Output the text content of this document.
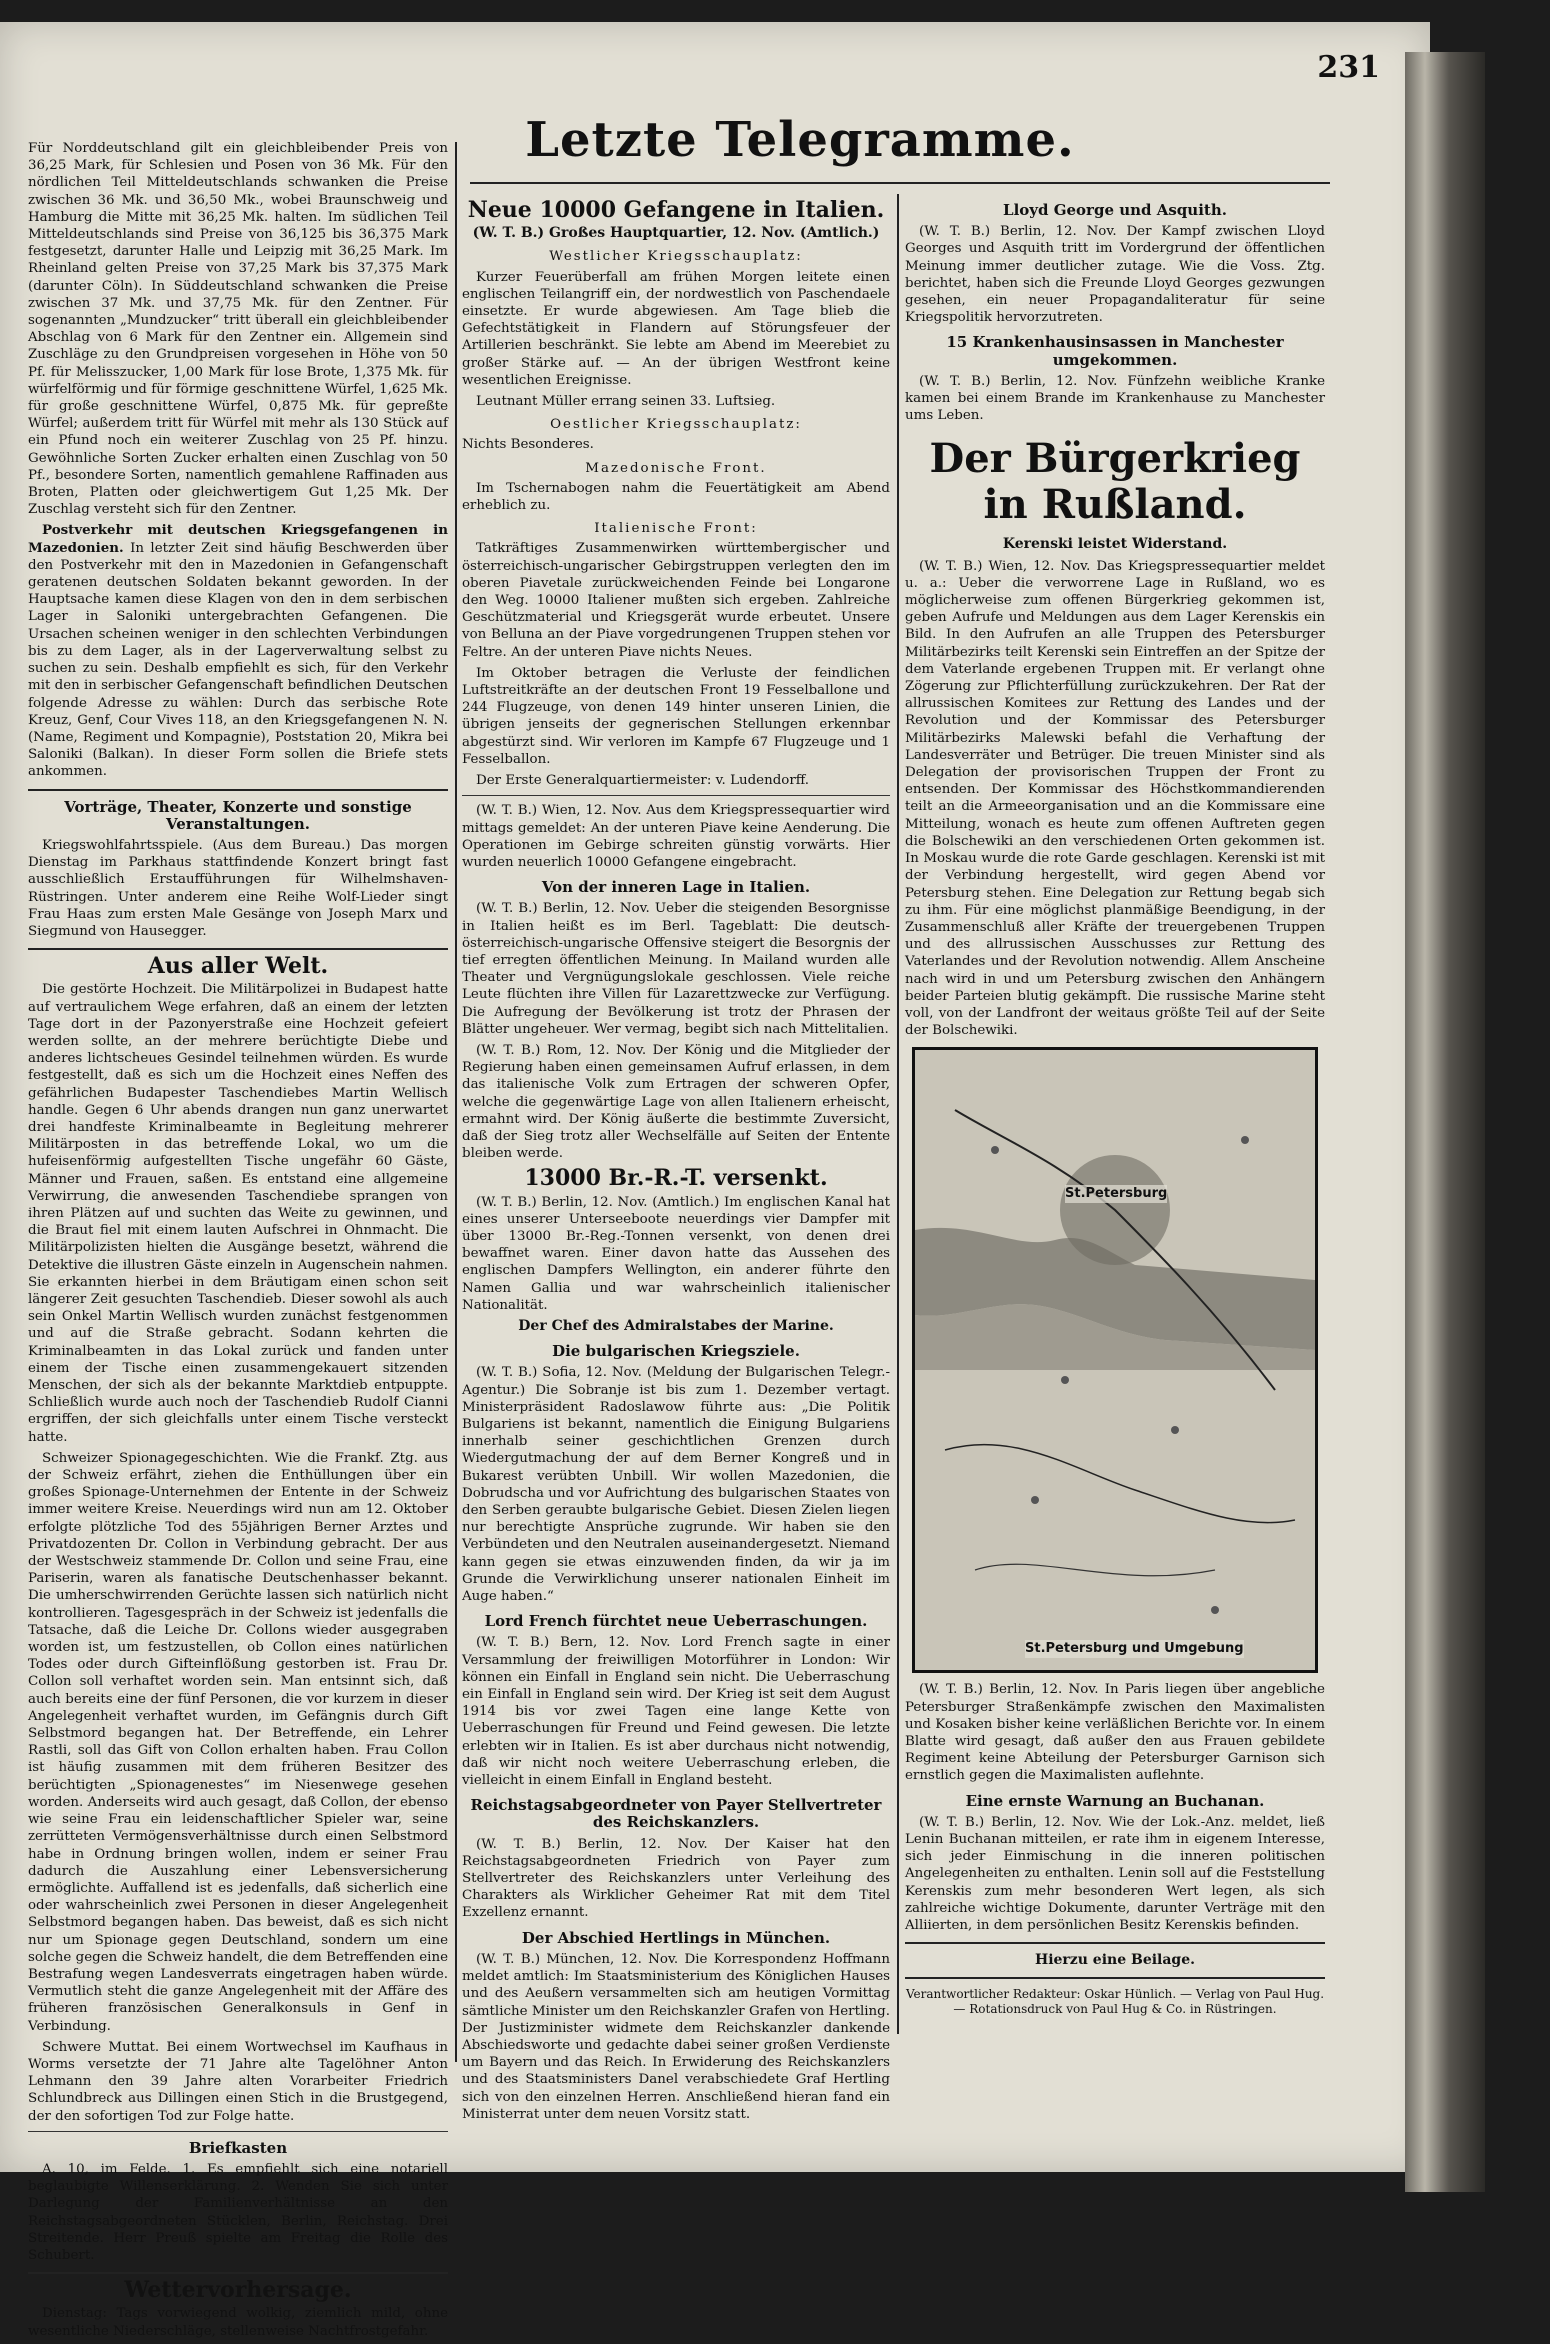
231
Letzte Telegramme.

Für Norddeutschland gilt ein gleichbleibender Preis von 36,25 Mark, für Schlesien und Posen von 36 Mk. Für den nördlichen Teil Mitteldeutschlands schwanken die Preise zwischen 36 Mk. und 36,50 Mk., wobei Braunschweig und Hamburg die Mitte mit 36,25 Mk. halten. Im südlichen Teil Mitteldeutschlands sind Preise von 36,125 bis 36,375 Mark festgesetzt, darunter Halle und Leipzig mit 36,25 Mark. Im Rheinland gelten Preise von 37,25 Mark bis 37,375 Mark (darunter Cöln). In Süddeutschland schwanken die Preise zwischen 37 Mk. und 37,75 Mk. für den Zentner. Für sogenannten „Mundzucker“ tritt überall ein gleichbleibender Abschlag von 6 Mark für den Zentner ein. Allgemein sind Zuschläge zu den Grundpreisen vorgesehen in Höhe von 50 Pf. für Melisszucker, 1,00 Mark für lose Brote, 1,375 Mk. für würfelförmig und für förmige geschnittene Würfel, 1,625 Mk. für große geschnittene Würfel, 0,875 Mk. für gepreßte Würfel; außerdem tritt für Würfel mit mehr als 130 Stück auf ein Pfund noch ein weiterer Zuschlag von 25 Pf. hinzu. Gewöhnliche Sorten Zucker erhalten einen Zuschlag von 50 Pf., besondere Sorten, namentlich gemahlene Raffinaden aus Broten, Platten oder gleichwertigem Gut 1,25 Mk. Der Zuschlag versteht sich für den Zentner.

Postverkehr mit deutschen Kriegsgefangenen in Mazedonien. In letzter Zeit sind häufig Beschwerden über den Postverkehr mit den in Mazedonien in Gefangenschaft geratenen deutschen Soldaten bekannt geworden. In der Hauptsache kamen diese Klagen von den in dem serbischen Lager in Saloniki untergebrachten Gefangenen. Die Ursachen scheinen weniger in den schlechten Verbindungen bis zu dem Lager, als in der Lagerverwaltung selbst zu suchen zu sein. Deshalb empfiehlt es sich, für den Verkehr mit den in serbischer Gefangenschaft befindlichen Deutschen folgende Adresse zu wählen: Durch das serbische Rote Kreuz, Genf, Cour Vives 118, an den Kriegsgefangenen N. N. (Name, Regiment und Kompagnie), Poststation 20, Mikra bei Saloniki (Balkan). In dieser Form sollen die Briefe stets ankommen.

Vorträge, Theater, Konzerte und sonstige Veranstaltungen.

Kriegswohlfahrtsspiele. (Aus dem Bureau.) Das morgen Dienstag im Parkhaus stattfindende Konzert bringt fast ausschließlich Erstaufführungen für Wilhelmshaven-Rüstringen. Unter anderem eine Reihe Wolf-Lieder singt Frau Haas zum ersten Male Gesänge von Joseph Marx und Siegmund von Hausegger.

Aus aller Welt.

Die gestörte Hochzeit. Die Militärpolizei in Budapest hatte auf vertraulichem Wege erfahren, daß an einem der letzten Tage dort in der Pazonyerstraße eine Hochzeit gefeiert werden sollte, an der mehrere berüchtigte Diebe und anderes lichtscheues Gesindel teilnehmen würden. Es wurde festgestellt, daß es sich um die Hochzeit eines Neffen des gefährlichen Budapester Taschendiebes Martin Wellisch handle. Gegen 6 Uhr abends drangen nun ganz unerwartet drei handfeste Kriminalbeamte in Begleitung mehrerer Militärposten in das betreffende Lokal, wo um die hufeisenförmig aufgestellten Tische ungefähr 60 Gäste, Männer und Frauen, saßen. Es entstand eine allgemeine Verwirrung, die anwesenden Taschendiebe sprangen von ihren Plätzen auf und suchten das Weite zu gewinnen, und die Braut fiel mit einem lauten Aufschrei in Ohnmacht. Die Militärpolizisten hielten die Ausgänge besetzt, während die Detektive die illustren Gäste einzeln in Augenschein nahmen. Sie erkannten hierbei in dem Bräutigam einen schon seit längerer Zeit gesuchten Taschendieb. Dieser sowohl als auch sein Onkel Martin Wellisch wurden zunächst festgenommen und auf die Straße gebracht. Sodann kehrten die Kriminalbeamten in das Lokal zurück und fanden unter einem der Tische einen zusammengekauert sitzenden Menschen, der sich als der bekannte Marktdieb entpuppte. Schließlich wurde auch noch der Taschendieb Rudolf Cianni ergriffen, der sich gleichfalls unter einem Tische versteckt hatte.

Schweizer Spionagegeschichten. Wie die Frankf. Ztg. aus der Schweiz erfährt, ziehen die Enthüllungen über ein großes Spionage-Unternehmen der Entente in der Schweiz immer weitere Kreise. Neuerdings wird nun am 12. Oktober erfolgte plötzliche Tod des 55jährigen Berner Arztes und Privatdozenten Dr. Collon in Verbindung gebracht. Der aus der Westschweiz stammende Dr. Collon und seine Frau, eine Pariserin, waren als fanatische Deutschenhasser bekannt. Die umherschwirrenden Gerüchte lassen sich natürlich nicht kontrollieren. Tagesgespräch in der Schweiz ist jedenfalls die Tatsache, daß die Leiche Dr. Collons wieder ausgegraben worden ist, um festzustellen, ob Collon eines natürlichen Todes oder durch Gifteinflößung gestorben ist. Frau Dr. Collon soll verhaftet worden sein. Man entsinnt sich, daß auch bereits eine der fünf Personen, die vor kurzem in dieser Angelegenheit verhaftet wurden, im Gefängnis durch Gift Selbstmord begangen hat. Der Betreffende, ein Lehrer Rastli, soll das Gift von Collon erhalten haben. Frau Collon ist häufig zusammen mit dem früheren Besitzer des berüchtigten „Spionagenestes“ im Niesenwege gesehen worden. Anderseits wird auch gesagt, daß Collon, der ebenso wie seine Frau ein leidenschaftlicher Spieler war, seine zerrütteten Vermögensverhältnisse durch einen Selbstmord habe in Ordnung bringen wollen, indem er seiner Frau dadurch die Auszahlung einer Lebensversicherung ermöglichte. Auffallend ist es jedenfalls, daß sicherlich eine oder wahrscheinlich zwei Personen in dieser Angelegenheit Selbstmord begangen haben. Das beweist, daß es sich nicht nur um Spionage gegen Deutschland, sondern um eine solche gegen die Schweiz handelt, die dem Betreffenden eine Bestrafung wegen Landesverrats eingetragen haben würde. Vermutlich steht die ganze Angelegenheit mit der Affäre des früheren französischen Generalkonsuls in Genf in Verbindung.

Schwere Muttat. Bei einem Wortwechsel im Kaufhaus in Worms versetzte der 71 Jahre alte Tagelöhner Anton Lehmann den 39 Jahre alten Vorarbeiter Friedrich Schlundbreck aus Dillingen einen Stich in die Brustgegend, der den sofortigen Tod zur Folge hatte.

Briefkasten

A. 10, im Felde. 1. Es empfiehlt sich eine notariell beglaubigte Willenserklärung. 2. Wenden Sie sich unter Darlegung der Familienverhältnisse an den Reichstagsabgeordneten Stücklen, Berlin, Reichstag. Drei Streitende. Herr Preuß spielte am Freitag die Rolle des Schubert.

Wettervorhersage.

Dienstag: Tags vorwiegend wolkig, ziemlich mild, ohne wesentliche Niederschläge, stellenweise Nachtfrostgefahr.

Neue 10000 Gefangene in Italien.
(W. T. B.) Großes Hauptquartier, 12. Nov. (Amtlich.)
Westlicher Kriegsschauplatz:

Kurzer Feuerüberfall am frühen Morgen leitete einen englischen Teilangriff ein, der nordwestlich von Paschendaele einsetzte. Er wurde abgewiesen. Am Tage blieb die Gefechtstätigkeit in Flandern auf Störungsfeuer der Artillerien beschränkt. Sie lebte am Abend im Meerebiet zu großer Stärke auf. — An der übrigen Westfront keine wesentlichen Ereignisse.

Leutnant Müller errang seinen 33. Luftsieg.

Oestlicher Kriegsschauplatz:

Nichts Besonderes.

Mazedonische Front.

Im Tschernabogen nahm die Feuertätigkeit am Abend erheblich zu.

Italienische Front:

Tatkräftiges Zusammenwirken württembergischer und österreichisch-ungarischer Gebirgstruppen verlegten den im oberen Piavetale zurückweichenden Feinde bei Longarone den Weg. 10000 Italiener mußten sich ergeben. Zahlreiche Geschützmaterial und Kriegsgerät wurde erbeutet. Unsere von Belluna an der Piave vorgedrungenen Truppen stehen vor Feltre. An der unteren Piave nichts Neues.

Im Oktober betragen die Verluste der feindlichen Luftstreitkräfte an der deutschen Front 19 Fesselballone und 244 Flugzeuge, von denen 149 hinter unseren Linien, die übrigen jenseits der gegnerischen Stellungen erkennbar abgestürzt sind. Wir verloren im Kampfe 67 Flugzeuge und 1 Fesselballon.

Der Erste Generalquartiermeister: v. Ludendorff.

(W. T. B.) Wien, 12. Nov. Aus dem Kriegspressequartier wird mittags gemeldet: An der unteren Piave keine Aenderung. Die Operationen im Gebirge schreiten günstig vorwärts. Hier wurden neuerlich 10000 Gefangene eingebracht.

Von der inneren Lage in Italien.

(W. T. B.) Berlin, 12. Nov. Ueber die steigenden Besorgnisse in Italien heißt es im Berl. Tageblatt: Die deutsch-österreichisch-ungarische Offensive steigert die Besorgnis der tief erregten öffentlichen Meinung. In Mailand wurden alle Theater und Vergnügungslokale geschlossen. Viele reiche Leute flüchten ihre Villen für Lazarettzwecke zur Verfügung. Die Aufregung der Bevölkerung ist trotz der Phrasen der Blätter ungeheuer. Wer vermag, begibt sich nach Mittelitalien.

(W. T. B.) Rom, 12. Nov. Der König und die Mitglieder der Regierung haben einen gemeinsamen Aufruf erlassen, in dem das italienische Volk zum Ertragen der schweren Opfer, welche die gegenwärtige Lage von allen Italienern erheischt, ermahnt wird. Der König äußerte die bestimmte Zuversicht, daß der Sieg trotz aller Wechselfälle auf Seiten der Entente bleiben werde.

13000 Br.-R.-T. versenkt.

(W. T. B.) Berlin, 12. Nov. (Amtlich.) Im englischen Kanal hat eines unserer Unterseeboote neuerdings vier Dampfer mit über 13000 Br.-Reg.-Tonnen versenkt, von denen drei bewaffnet waren. Einer davon hatte das Aussehen des englischen Dampfers Wellington, ein anderer führte den Namen Gallia und war wahrscheinlich italienischer Nationalität.

Der Chef des Admiralstabes der Marine.
Die bulgarischen Kriegsziele.

(W. T. B.) Sofia, 12. Nov. (Meldung der Bulgarischen Telegr.-Agentur.) Die Sobranje ist bis zum 1. Dezember vertagt. Ministerpräsident Radoslawow führte aus: „Die Politik Bulgariens ist bekannt, namentlich die Einigung Bulgariens innerhalb seiner geschichtlichen Grenzen durch Wiedergutmachung der auf dem Berner Kongreß und in Bukarest verübten Unbill. Wir wollen Mazedonien, die Dobrudscha und vor Aufrichtung des bulgarischen Staates von den Serben geraubte bulgarische Gebiet. Diesen Zielen liegen nur berechtigte Ansprüche zugrunde. Wir haben sie den Verbündeten und den Neutralen auseinandergesetzt. Niemand kann gegen sie etwas einzuwenden finden, da wir ja im Grunde die Verwirklichung unserer nationalen Einheit im Auge haben.“

Lord French fürchtet neue Ueberraschungen.

(W. T. B.) Bern, 12. Nov. Lord French sagte in einer Versammlung der freiwilligen Motorführer in London: Wir können ein Einfall in England sein nicht. Die Ueberraschung ein Einfall in England sein wird. Der Krieg ist seit dem August 1914 bis vor zwei Tagen eine lange Kette von Ueberraschungen für Freund und Feind gewesen. Die letzte erlebten wir in Italien. Es ist aber durchaus nicht notwendig, daß wir nicht noch weitere Ueberraschung erleben, die vielleicht in einem Einfall in England besteht.

Reichstagsabgeordneter von Payer Stellvertreter des Reichskanzlers.

(W. T. B.) Berlin, 12. Nov. Der Kaiser hat den Reichstagsabgeordneten Friedrich von Payer zum Stellvertreter des Reichskanzlers unter Verleihung des Charakters als Wirklicher Geheimer Rat mit dem Titel Exzellenz ernannt.

Der Abschied Hertlings in München.

(W. T. B.) München, 12. Nov. Die Korrespondenz Hoffmann meldet amtlich: Im Staatsministerium des Königlichen Hauses und des Aeußern versammelten sich am heutigen Vormittag sämtliche Minister um den Reichskanzler Grafen von Hertling. Der Justizminister widmete dem Reichskanzler dankende Abschiedsworte und gedachte dabei seiner großen Verdienste um Bayern und das Reich. In Erwiderung des Reichskanzlers und des Staatsministers Danel verabschiedete Graf Hertling sich von den einzelnen Herren. Anschließend hieran fand ein Ministerrat unter dem neuen Vorsitz statt.

Lloyd George und Asquith.

(W. T. B.) Berlin, 12. Nov. Der Kampf zwischen Lloyd Georges und Asquith tritt im Vordergrund der öffentlichen Meinung immer deutlicher zutage. Wie die Voss. Ztg. berichtet, haben sich die Freunde Lloyd Georges gezwungen gesehen, ein neuer Propagandaliteratur für seine Kriegspolitik hervorzutreten.

15 Krankenhausinsassen in Manchester umgekommen.

(W. T. B.) Berlin, 12. Nov. Fünfzehn weibliche Kranke kamen bei einem Brande im Krankenhause zu Manchester ums Leben.

Der Bürgerkrieg in Rußland.
Kerenski leistet Widerstand.

(W. T. B.) Wien, 12. Nov. Das Kriegspressequartier meldet u. a.: Ueber die verworrene Lage in Rußland, wo es möglicherweise zum offenen Bürgerkrieg gekommen ist, geben Aufrufe und Meldungen aus dem Lager Kerenskis ein Bild. In den Aufrufen an alle Truppen des Petersburger Militärbezirks teilt Kerenski sein Eintreffen an der Spitze der dem Vaterlande ergebenen Truppen mit. Er verlangt ohne Zögerung zur Pflichterfüllung zurückzukehren. Der Rat der allrussischen Komitees zur Rettung des Landes und der Revolution und der Kommissar des Petersburger Militärbezirks Malewski befahl die Verhaftung der Landesverräter und Betrüger. Die treuen Minister sind als Delegation der provisorischen Truppen der Front zu entsenden. Der Kommissar des Höchstkommandierenden teilt an die Armeeorganisation und an die Kommissare eine Mitteilung, wonach es heute zum offenen Auftreten gegen die Bolschewiki an den verschiedenen Orten gekommen ist. In Moskau wurde die rote Garde geschlagen. Kerenski ist mit der Verbindung hergestellt, wird gegen Abend vor Petersburg stehen. Eine Delegation zur Rettung begab sich zu ihm. Für eine möglichst planmäßige Beendigung, in der Zusammenschluß aller Kräfte der treuergebenen Truppen und des allrussischen Ausschusses zur Rettung des Vaterlandes und der Revolution notwendig. Allem Anscheine nach wird in und um Petersburg zwischen den Anhängern beider Parteien blutig gekämpft. Die russische Marine steht voll, von der Landfront der weitaus größte Teil auf der Seite der Bolschewiki.

St.Petersburg
St.Petersburg und Umgebung

(W. T. B.) Berlin, 12. Nov. In Paris liegen über angebliche Petersburger Straßenkämpfe zwischen den Maximalisten und Kosaken bisher keine verläßlichen Berichte vor. In einem Blatte wird gesagt, daß außer den aus Frauen gebildete Regiment keine Abteilung der Petersburger Garnison sich ernstlich gegen die Maximalisten auflehnte.

Eine ernste Warnung an Buchanan.

(W. T. B.) Berlin, 12. Nov. Wie der Lok.-Anz. meldet, ließ Lenin Buchanan mitteilen, er rate ihm in eigenem Interesse, sich jeder Einmischung in die inneren politischen Angelegenheiten zu enthalten. Lenin soll auf die Feststellung Kerenskis zum mehr besonderen Wert legen, als sich zahlreiche wichtige Dokumente, darunter Verträge mit den Alliierten, in dem persönlichen Besitz Kerenskis befinden.

Hierzu eine Beilage.
Verantwortlicher Redakteur: Oskar Hünlich. — Verlag von Paul Hug. — Rotationsdruck von Paul Hug & Co. in Rüstringen.
